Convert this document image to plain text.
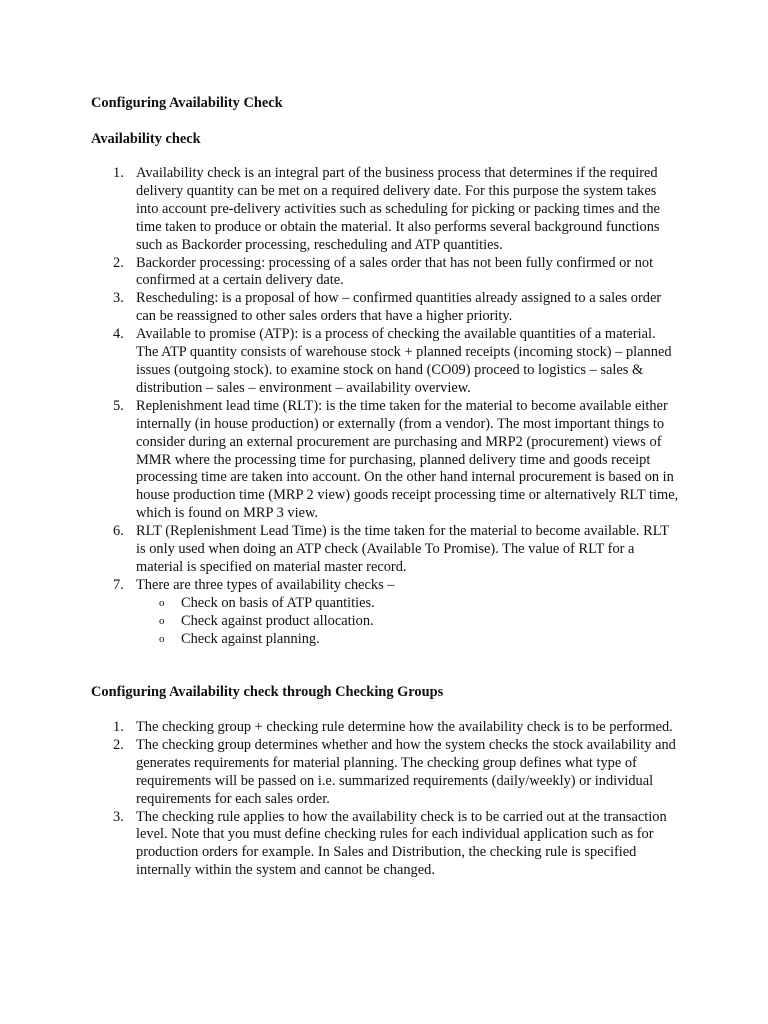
Configuring Availability Check

Availability check

1. Availability check is an integral part of the business process that determines if the required delivery quantity can be met on a required delivery date. For this purpose the system takes into account pre-delivery activities such as scheduling for picking or packing times and the time taken to produce or obtain the material. It also performs several background functions such as Backorder processing, rescheduling and ATP quantities.
2. Backorder processing: processing of a sales order that has not been fully confirmed or not confirmed at a certain delivery date.
3. Rescheduling: is a proposal of how – confirmed quantities already assigned to a sales order can be reassigned to other sales orders that have a higher priority.
4. Available to promise (ATP): is a process of checking the available quantities of a material. The ATP quantity consists of warehouse stock + planned receipts (incoming stock) – planned issues (outgoing stock). to examine stock on hand (CO09) proceed to logistics – sales & distribution – sales – environment – availability overview.
5. Replenishment lead time (RLT): is the time taken for the material to become available either internally (in house production) or externally (from a vendor). The most important things to consider during an external procurement are purchasing and MRP2 (procurement) views of MMR where the processing time for purchasing, planned delivery time and goods receipt processing time are taken into account. On the other hand internal procurement is based on in house production time (MRP 2 view) goods receipt processing time or alternatively RLT time, which is found on MRP 3 view.
6. RLT (Replenishment Lead Time) is the time taken for the material to become available. RLT is only used when doing an ATP check (Available To Promise). The value of RLT for a material is specified on material master record.
7. There are three types of availability checks –
o Check on basis of ATP quantities.
o Check against product allocation.
o Check against planning.

Configuring Availability check through Checking Groups

1. The checking group + checking rule determine how the availability check is to be performed.
2. The checking group determines whether and how the system checks the stock availability and generates requirements for material planning. The checking group defines what type of requirements will be passed on i.e. summarized requirements (daily/weekly) or individual requirements for each sales order.
3. The checking rule applies to how the availability check is to be carried out at the transaction level. Note that you must define checking rules for each individual application such as for production orders for example. In Sales and Distribution, the checking rule is specified internally within the system and cannot be changed.
